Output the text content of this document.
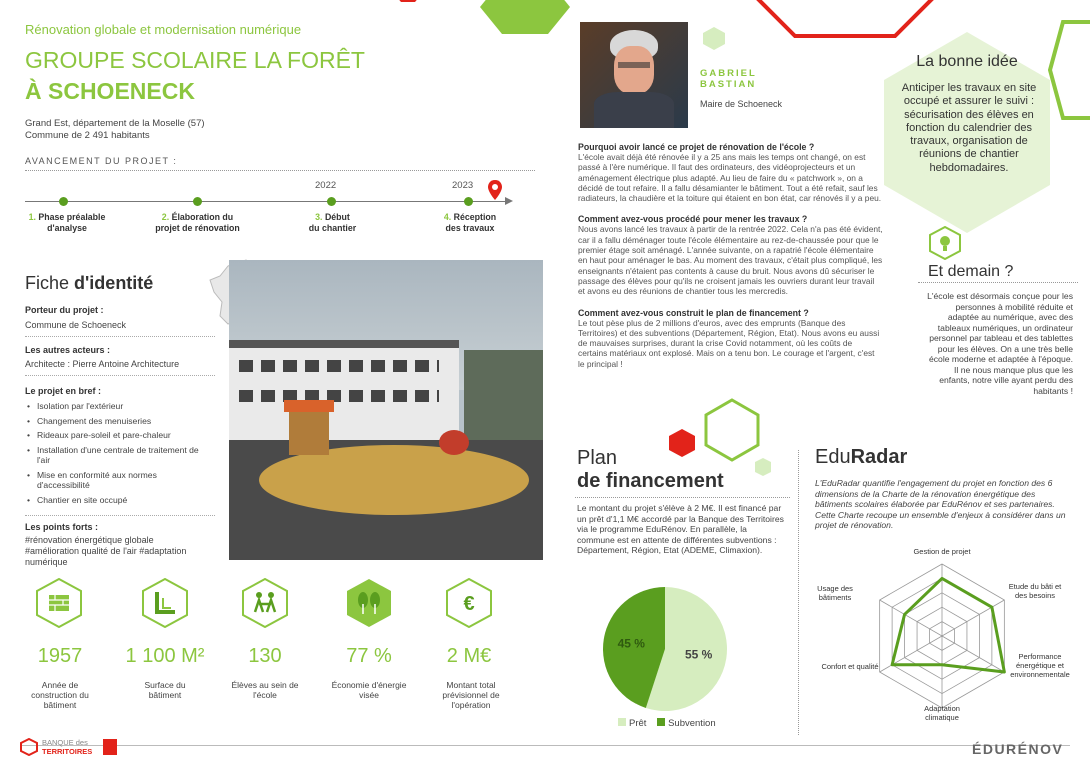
Rénovation globale et modernisation numérique
GROUPE SCOLAIRE LA FORÊT
À SCHOENECK
Grand Est, département de la Moselle (57)
Commune de 2 491 habitants
AVANCEMENT DU PROJET :
2022	2023
1. Phase préalable
d'analyse
2. Élaboration du
projet de rénovation
3. Début
du chantier
4. Réception
des travaux
Fiche d'identité
Porteur du projet :
Commune de Schoeneck
Les autres acteurs :
Architecte : Pierre Antoine Architecture
Le projet en bref :
• Isolation par l'extérieur
• Changement des menuiseries
• Rideaux pare-soleil et pare-chaleur
• Installation d'une centrale de traitement de l'air
• Mise en conformité aux normes d'accessibilité
• Chantier en site occupé
Les points forts :
#rénovation énergétique globale #amélioration qualité de l'air #adaptation numérique
€
1957	1 100 M²	130	77 %	2 M€
Année de construction du bâtiment
Surface du bâtiment
Élèves au sein de l'école
Économie d'énergie visée
Montant total prévisionnel de l'opération
BANQUE des
TERRITOIRES	ÉDURÉNOV
GABRIEL
BASTIAN
Maire de Schoeneck
Pourquoi avoir lancé ce projet de rénovation de l'école ?
L'école avait déjà été rénovée il y a 25 ans mais les temps ont changé, on est passé à l'ère numérique. Il faut des ordinateurs, des vidéoprojecteurs et un aménagement électrique plus adapté. Au lieu de faire du « patchwork », on a décidé de tout refaire. Il a fallu désamianter le bâtiment. Tout a été refait, sauf les radiateurs, la chaudière et la toiture qui étaient en bon état, car rénovés il y a peu.
Comment avez-vous procédé pour mener les travaux ?
Nous avons lancé les travaux à partir de la rentrée 2022. Cela n'a pas été évident, car il a fallu déménager toute l'école élémentaire au rez-de-chaussée pour que le premier étage soit aménagé. L'année suivante, on a rapatrié l'école élémentaire en haut pour aménager le bas. Au moment des travaux, c'était plus compliqué, les enseignants n'étaient pas contents à cause du bruit. Nous avons dû sécuriser le passage des élèves pour qu'ils ne croisent jamais les ouvriers durant leur travail et avons eu des réunions de chantier tous les mercredis.
Comment avez-vous construit le plan de financement ?
Le tout pèse plus de 2 millions d'euros, avec des emprunts (Banque des Territoires) et des subventions (Département, Région, Etat). Nous avons eu aussi de mauvaises surprises, durant la crise Covid notamment, où les coûts de certains matériaux ont explosé. Mais on a tenu bon. Le courage et l'argent, c'est le principal !
La bonne idée
Anticiper les travaux en site occupé et assurer le suivi : sécurisation des élèves en fonction du calendrier des travaux, organisation de réunions de chantier hebdomadaires.
Et demain ?
L'école est désormais conçue pour les personnes à mobilité réduite et adaptée au numérique, avec des tableaux numériques, un ordinateur personnel par tableau et des tablettes pour les élèves. On a une très belle école moderne et adaptée à l'époque. Il ne nous manque plus que les enfants, notre ville ayant perdu des habitants !
Plan
de financement
Le montant du projet s'élève à 2 M€. Il est financé par un prêt d'1,1 M€ accordé par la Banque des Territoires via le programme EduRénov. En parallèle, la commune est en attente de différentes subventions : Département, Région, Etat (ADEME, Climaxion).
55 %
45 %
Prêt Subvention
EduRadar
L'EduRadar quantifie l'engagement du projet en fonction des 6 dimensions de la Charte de la rénovation énergétique des bâtiments scolaires élaborée par EduRénov et ses partenaires. Cette Charte recoupe un ensemble d'enjeux à considérer dans un projet de rénovation.
Gestion de projet
Etude du bâti et des besoins
Performance énergétique et environnementale
Adaptation climatique
Confort et qualité
Usage des bâtiments
